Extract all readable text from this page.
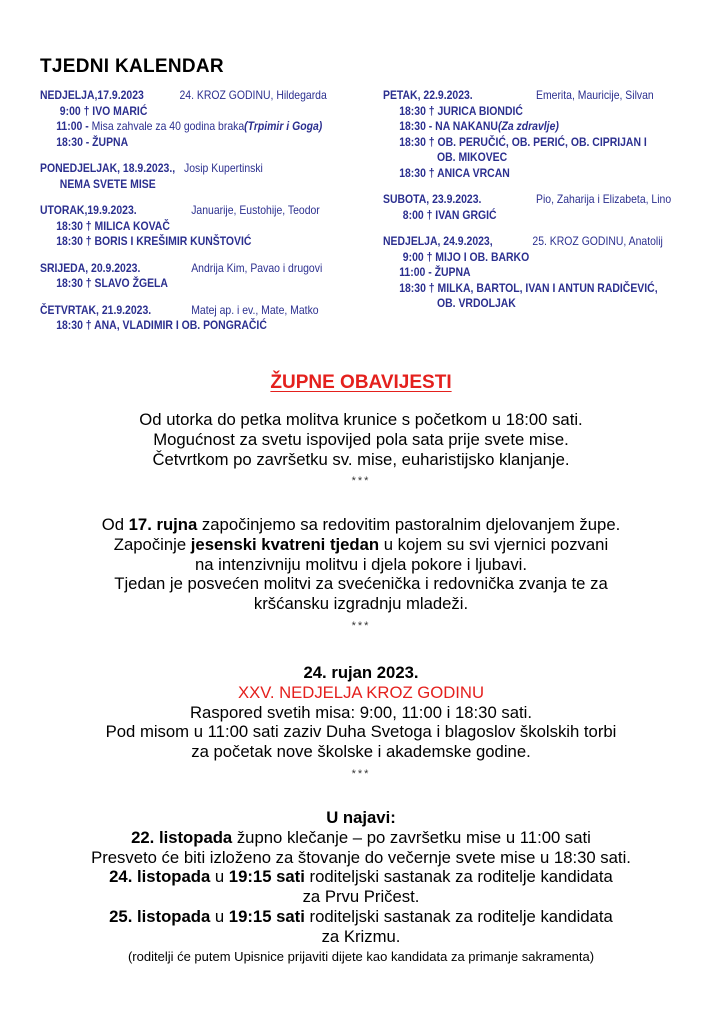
TJEDNI KALENDAR
NEDJELJA,17.9.2023	24. KROZ GODINU, Hildegarda
9:00 † IVO MARIĆ
11:00 - Misa zahvale za 40 godina braka(Trpimir i Goga)
18:30 - ŽUPNA
PONEDJELJAK, 18.9.2023., Josip Kupertinski
NEMA SVETE MISE
UTORAK,19.9.2023.	Januarije, Eustohije, Teodor
18:30 † MILICA KOVAČ
18:30 † BORIS I KREŠIMIR KUNŠTOVIĆ
SRIJEDA, 20.9.2023.	Andrija Kim, Pavao i drugovi
18:30 † SLAVO ŽGELA
ČETVRTAK, 21.9.2023.	Matej ap. i ev., Mate, Matko
18:30 † ANA, VLADIMIR I OB. PONGRAČIĆ
PETAK, 22.9.2023.	Emerita, Mauricije, Silvan
18:30 † JURICA BIONDIĆ
18:30 - NA NAKANU(Za zdravlje)
18:30 † OB. PERUČIĆ, OB. PERIĆ, OB. CIPRIJAN I
OB. MIKOVEC
18:30 † ANICA VRCAN
SUBOTA, 23.9.2023.	Pio, Zaharija i Elizabeta, Lino
8:00 † IVAN GRGIĆ
NEDJELJA, 24.9.2023,	25. KROZ GODINU, Anatolij
9:00 † MIJO I OB. BARKO
11:00 - ŽUPNA
18:30 † MILKA, BARTOL, IVAN I ANTUN RADIČEVIĆ,
OB. VRDOLJAK
ŽUPNE OBAVIJESTI
Od utorka do petka molitva krunice s početkom u 18:00 sati.
Mogućnost za svetu ispovijed pola sata prije svete mise.
Četvrtkom po završetku sv. mise, euharistijsko klanjanje.
***
Od 17. rujna započinjemo sa redovitim pastoralnim djelovanjem župe.
Započinje jesenski kvatreni tjedan u kojem su svi vjernici pozvani
na intenzivniju molitvu i djela pokore i ljubavi.
Tjedan je posvećen molitvi za svećenička i redovnička zvanja te za
kršćansku izgradnju mladeži.
***
24. rujan 2023.
XXV. NEDJELJA KROZ GODINU
Raspored svetih misa: 9:00, 11:00 i 18:30 sati.
Pod misom u 11:00 sati zaziv Duha Svetoga i blagoslov školskih torbi
za početak nove školske i akademske godine.
***
U najavi:
22. listopada župno klečanje – po završetku mise u 11:00 sati
Presveto će biti izloženo za štovanje do večernje svete mise u 18:30 sati.
24. listopada u 19:15 sati roditeljski sastanak za roditelje kandidata
za Prvu Pričest.
25. listopada u 19:15 sati roditeljski sastanak za roditelje kandidata
za Krizmu.
(roditelji će putem Upisnice prijaviti dijete kao kandidata za primanje sakramenta)
